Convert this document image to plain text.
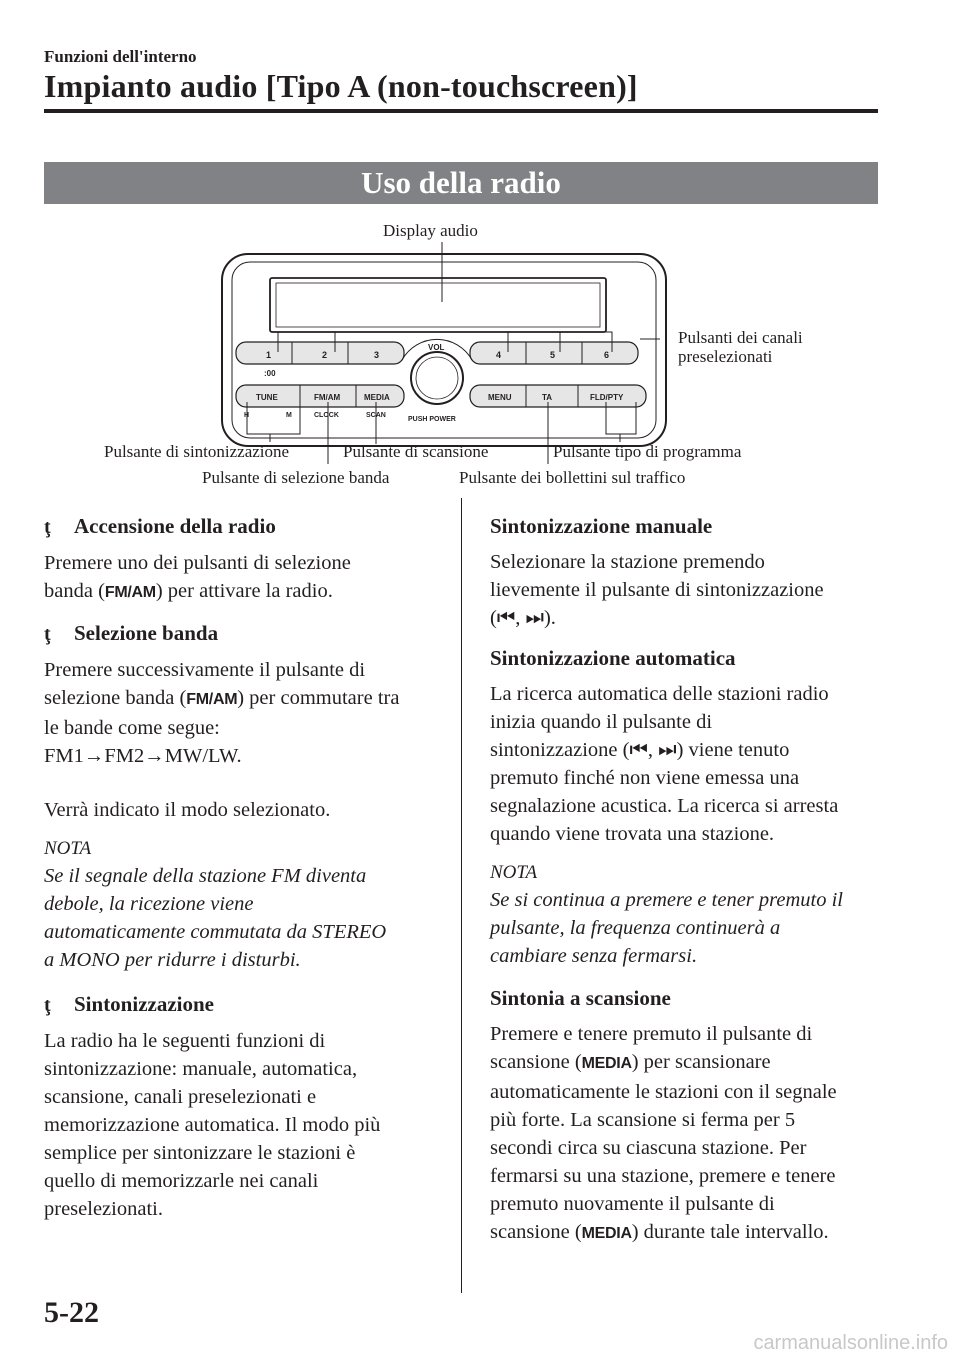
Funzioni dell'interno
Impianto audio [Tipo A (non-touchscreen)]
Uso della radio
1	2	3	4	5	6
:00
VOL
TUNE	FM/AM	MEDIA	MENU	TA	FLD/PTY
H	M	CLOCK	SCAN
PUSH POWER
Display audio
Pulsanti dei canali
preselezionati
Pulsante di sintonizzazione	Pulsante di scansione	Pulsante tipo di programma
Pulsante di selezione banda	Pulsante dei bollettini sul traffico
ţ	Accensione della radio
Premere uno dei pulsanti di selezione
banda (FM/AM) per attivare la radio.
ţ	Selezione banda
Premere successivamente il pulsante di
selezione banda (FM/AM) per commutare tra
le bande come segue:
FM1→FM2→MW/LW.
Verrà indicato il modo selezionato.
NOTA
Se il segnale della stazione FM diventa
debole, la ricezione viene
automaticamente commutata da STEREO
a MONO per ridurre i disturbi.
ţ	Sintonizzazione
La radio ha le seguenti funzioni di
sintonizzazione: manuale, automatica,
scansione, canali preselezionati e
memorizzazione automatica. Il modo più
semplice per sintonizzare le stazioni è
quello di memorizzarle nei canali
preselezionati.
Sintonizzazione manuale
Selezionare la stazione premendo
lievemente il pulsante di sintonizzazione
(⏮, ⏭).
Sintonizzazione automatica
La ricerca automatica delle stazioni radio
inizia quando il pulsante di
sintonizzazione (⏮, ⏭) viene tenuto
premuto finché non viene emessa una
segnalazione acustica. La ricerca si arresta
quando viene trovata una stazione.
NOTA
Se si continua a premere e tener premuto il
pulsante, la frequenza continuerà a
cambiare senza fermarsi.
Sintonia a scansione
Premere e tenere premuto il pulsante di
scansione (MEDIA) per scansionare
automaticamente le stazioni con il segnale
più forte. La scansione si ferma per 5
secondi circa su ciascuna stazione. Per
fermarsi su una stazione, premere e tenere
premuto nuovamente il pulsante di
scansione (MEDIA) durante tale intervallo.
5-22
carmanualsonline.info
